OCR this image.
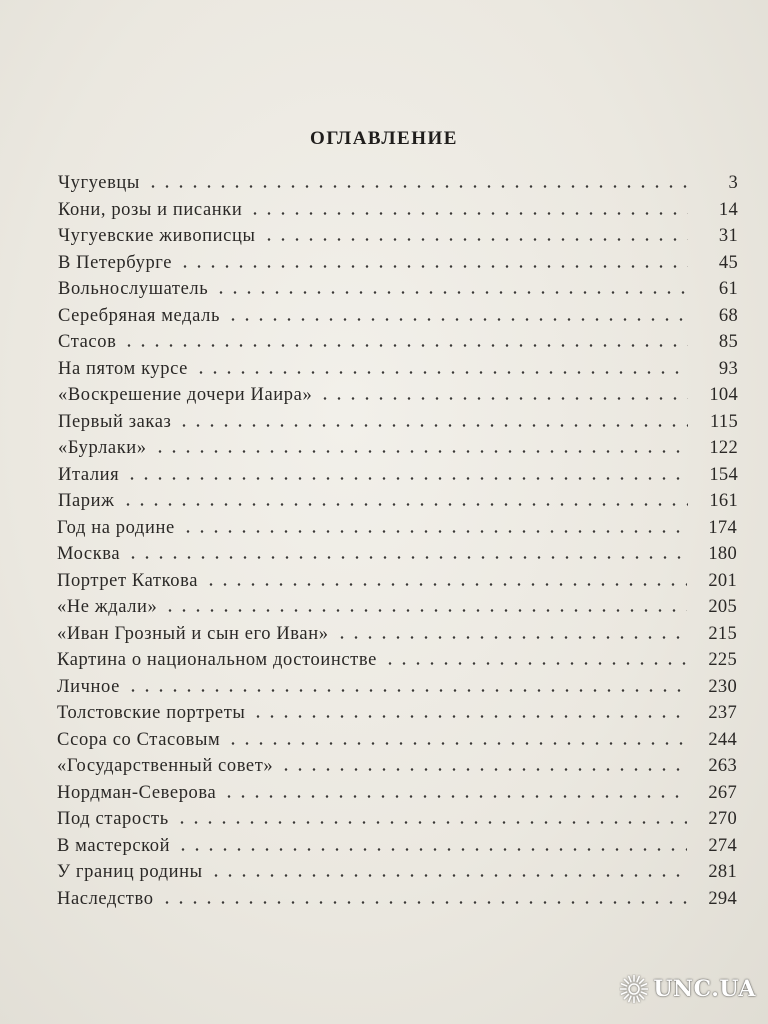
ОГЛАВЛЕНИЕ
Чугуевцы	3
Кони, розы и писанки	14
Чугуевские живописцы	31
В Петербурге	45
Вольнослушатель	61
Серебряная медаль	68
Стасов	85
На пятом курсе	93
«Воскрешение дочери Иаира»	104
Первый заказ	115
«Бурлаки»	122
Италия	154
Париж	161
Год на родине	174
Москва	180
Портрет Каткова	201
«Не ждали»	205
«Иван Грозный и сын его Иван»	215
Картина о национальном достоинстве	225
Личное	230
Толстовские портреты	237
Ссора со Стасовым	244
«Государственный совет»	263
Нордман-Северова	267
Под старость	270
В мастерской	274
У границ родины	281
Наследство	294
UNC.UA
